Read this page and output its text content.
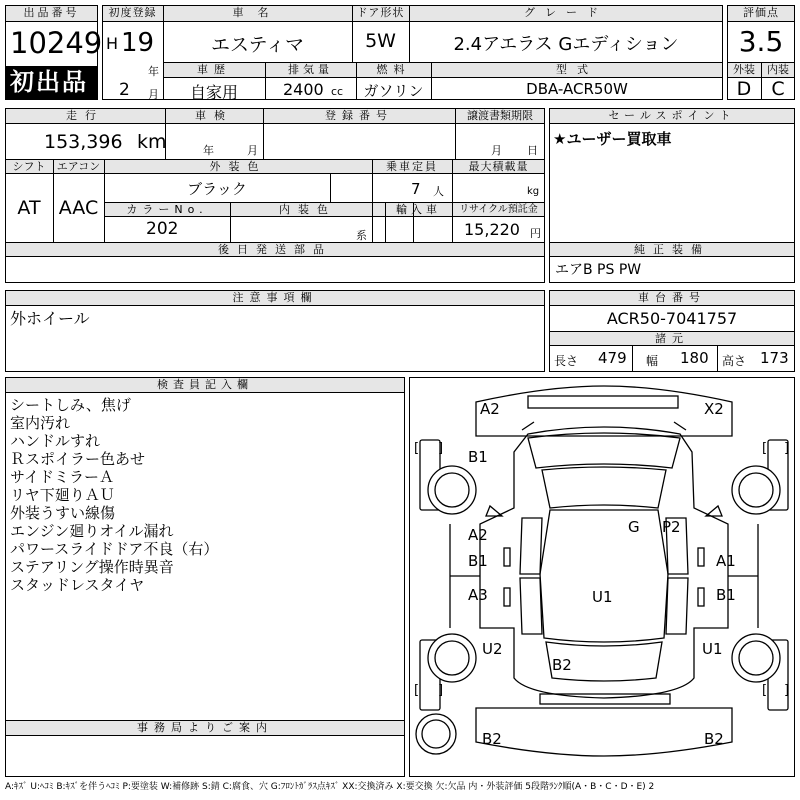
出品番号
10249
初出品
初度登録
H 19
年
2 月
車名
エスティマ
ドア形状
5W
グレード
2.4アエラス Gエディション
車歴
自家用
排気量
2400 cc
燃料
ガソリン
型式
DBA-ACR50W
評価点
3.5
外装	内装
D	C
走行
153,396 km
車検
年	月
登録番号	譲渡書類期限
月 日
シフト
AT
エアコン
AAC
外装色
ブラック
乗車定員
7 人
最大積載量
kg
カラーNo.
202
内装色
系
輸入車	リサイクル預託金
15,220 円
後日発送部品
セールスポイント
★ユーザー買取車
純正装備
エアB PS PW
注意事項欄
外ホイール
車台番号
ACR50-7041757
諸元
長さ 479 幅 180 高さ 173
検査員記入欄
シートしみ、焦げ
室内汚れ
ハンドルすれ
Ｒスポイラー色あせ
サイドミラーＡ
リヤ下廻りＡＵ
外装うすい線傷
エンジン廻りオイル漏れ
パワースライドドア不良（右）
ステアリング操作時異音
スタッドレスタイヤ
事務局よりご案内
A2	X2
B1
A2
B1
A3
U2
G P2
A1
B1
U1
B2
U1
B2	B2
[ ]	[ ]
[ ]	[ ]
A:ｷｽﾞ U:ﾍｺﾐ B:ｷｽﾞを伴うﾍｺﾐ P:要塗装 W:補修跡 S:錆 C:腐食、穴 G:ﾌﾛﾝﾄｶﾞﾗｽ点ｷｽﾞ XX:交換済み X:要交換 欠:欠品 内・外装評価 5段階ﾗﾝｸ順(A・B・C・D・E) 2
